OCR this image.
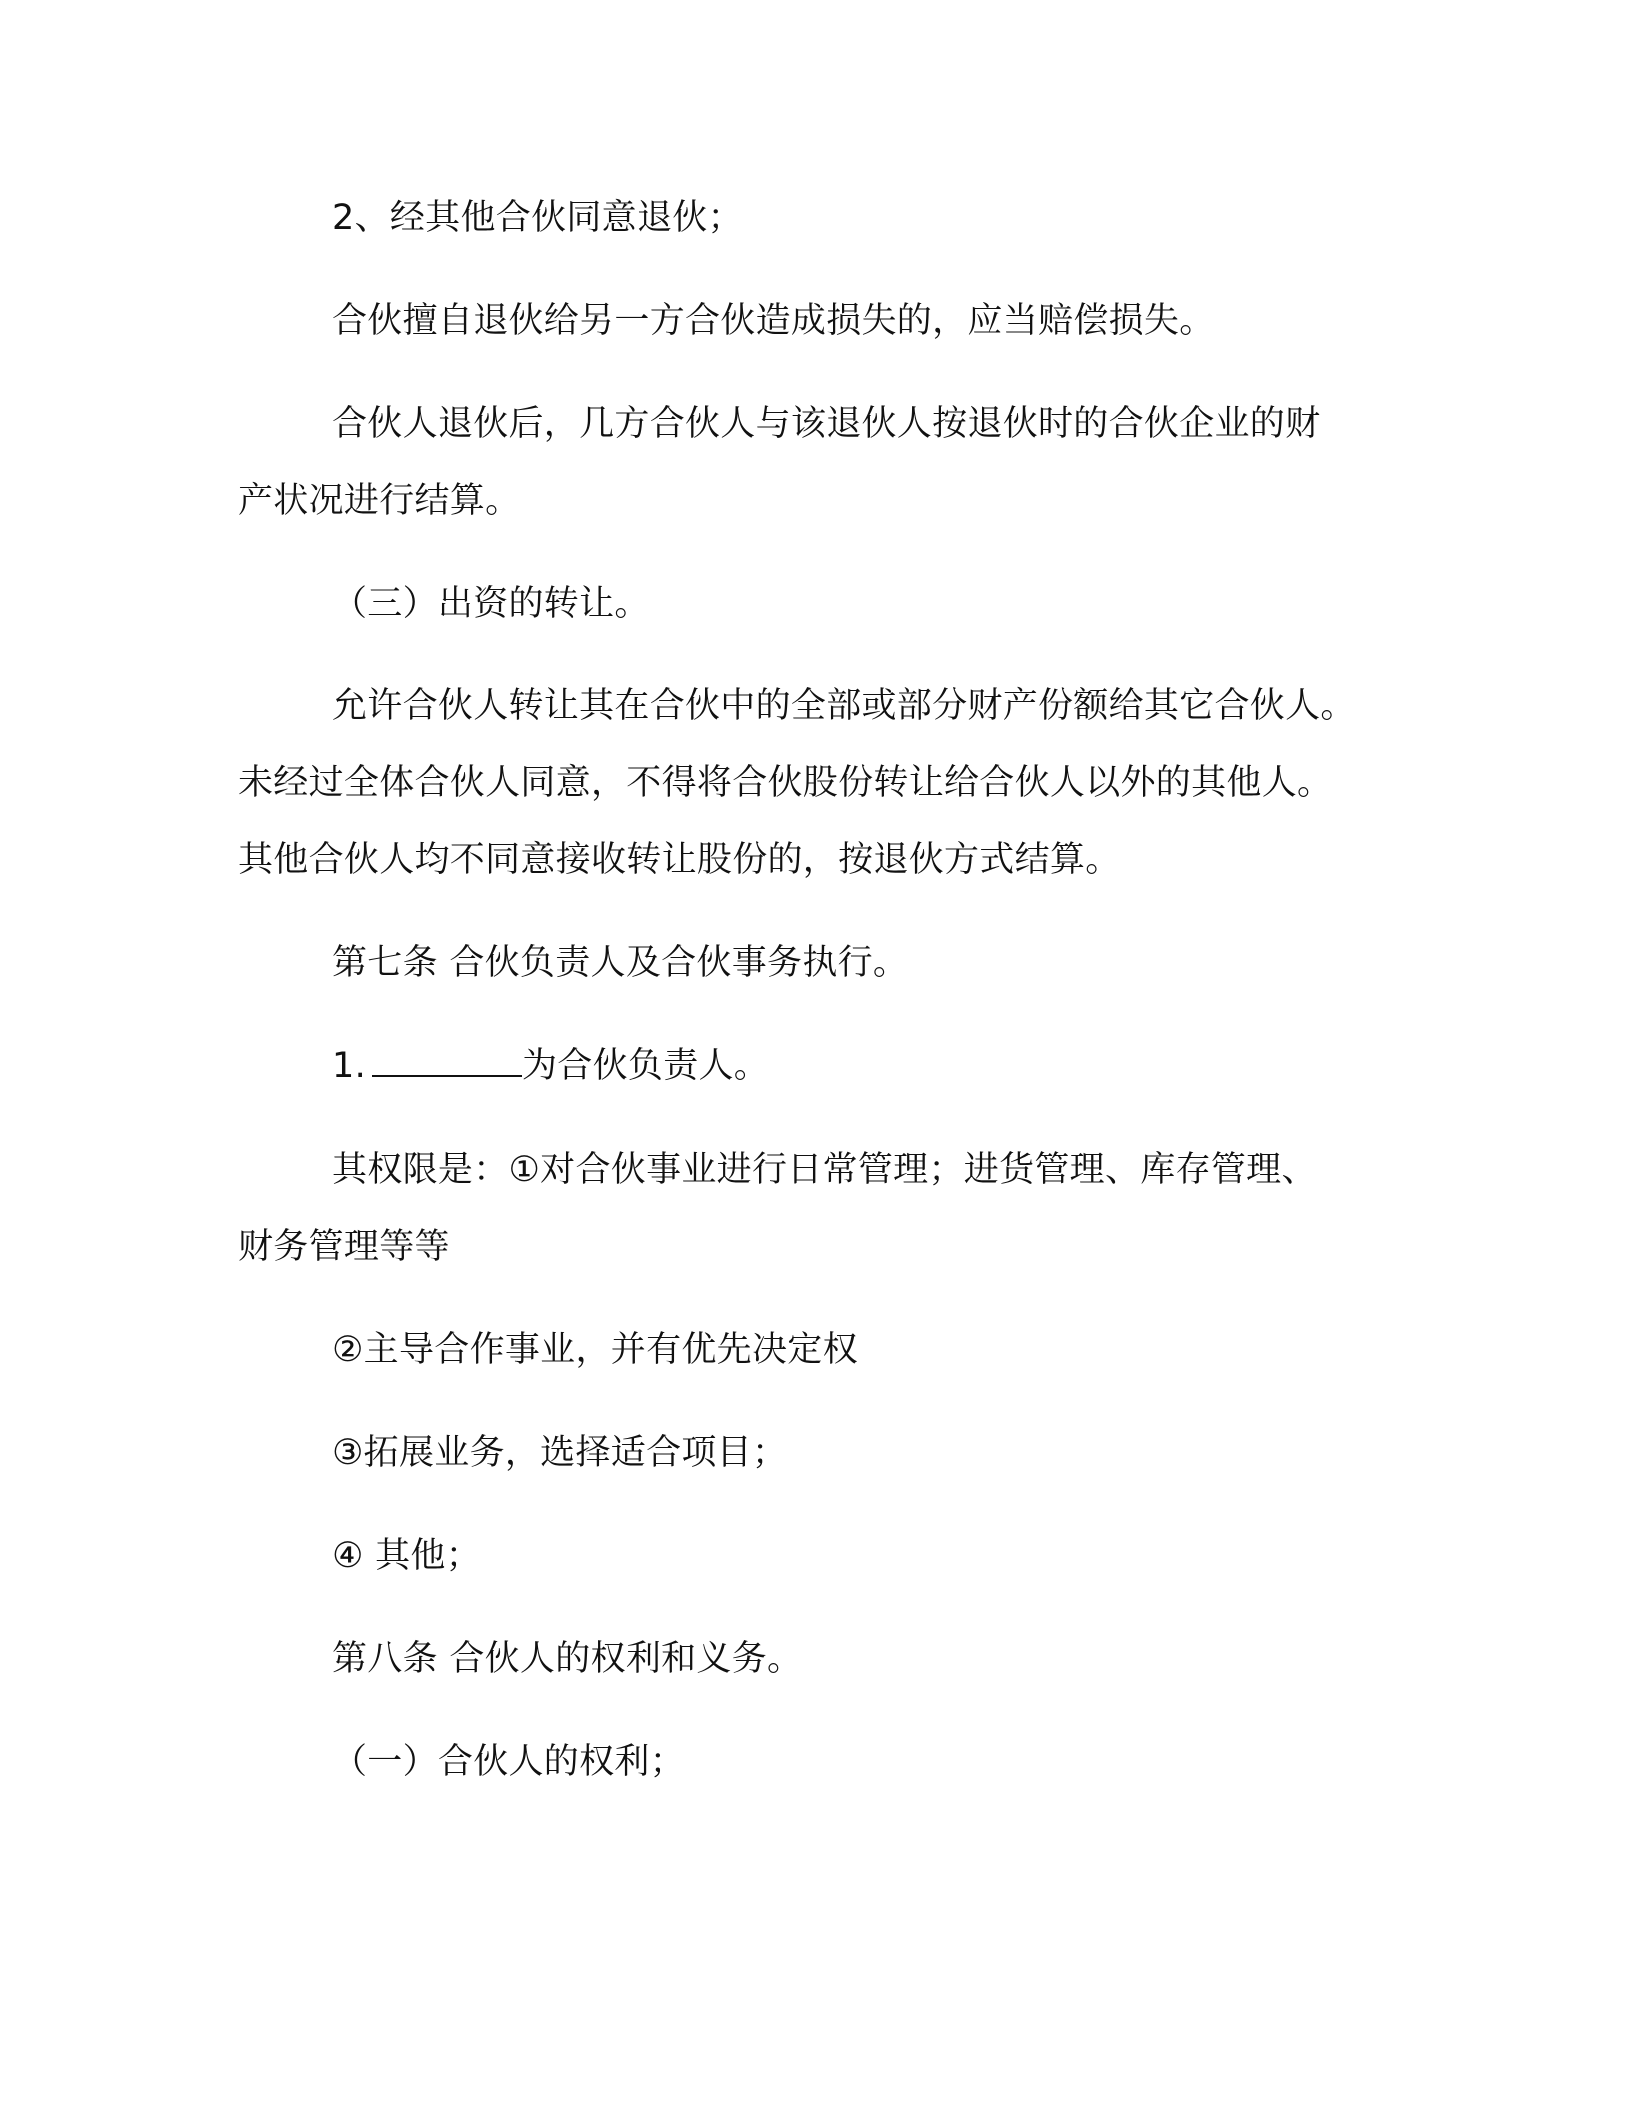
2、经其他合伙同意退伙；
合伙擅自退伙给另一方合伙造成损失的，应当赔偿损失。
合伙人退伙后，几方合伙人与该退伙人按退伙时的合伙企业的财
产状况进行结算。
（三）出资的转让。
允许合伙人转让其在合伙中的全部或部分财产份额给其它合伙人。
未经过全体合伙人同意，不得将合伙股份转让给合伙人以外的其他人。
其他合伙人均不同意接收转让股份的，按退伙方式结算。
第七条 合伙负责人及合伙事务执行。
1.	为合伙负责人。
其权限是：①对合伙事业进行日常管理；进货管理、库存管理、
财务管理等等
②主导合作事业，并有优先决定权
③拓展业务，选择适合项目；
④ 其他；
第八条 合伙人的权利和义务。
（一）合伙人的权利；
